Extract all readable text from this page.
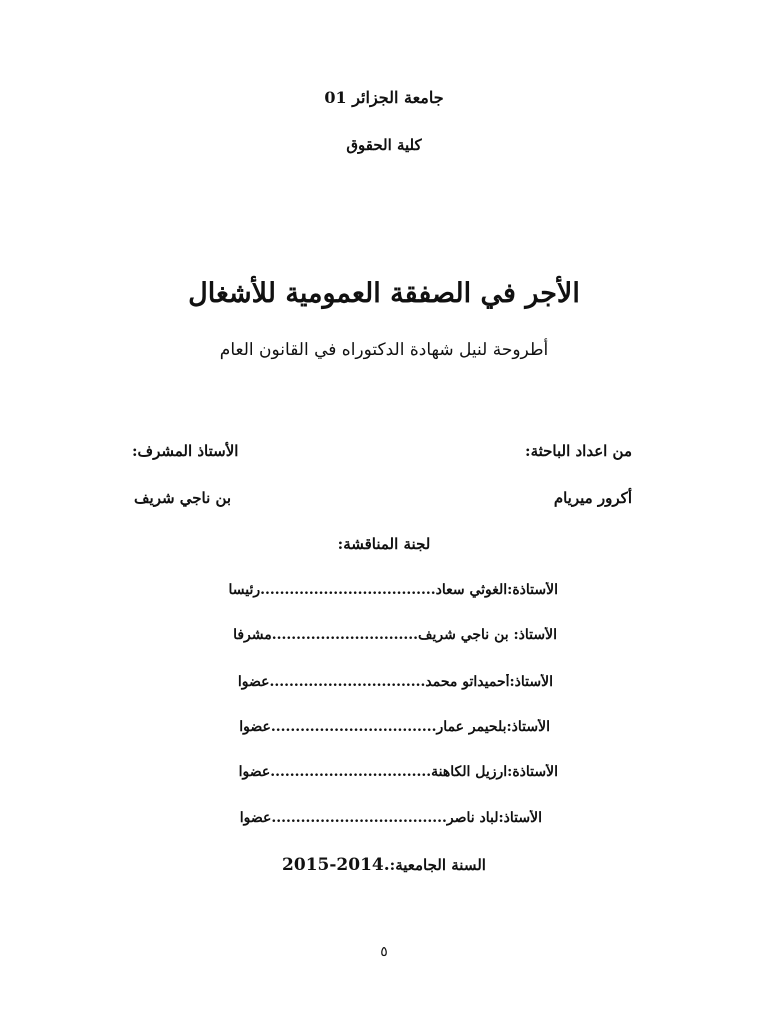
جامعة الجزائر 01
كلية الحقوق
الأجر في الصفقة العمومية للأشغال
أطروحة لنيل شهادة الدكتوراه في القانون العام
من اعداد الباحثة:
الأستاذ المشرف:
أكرور ميريام
بن ناجي شريف
لجنة المناقشة:
الأستاذة:الغوثي سعاد....................................رئيسا
الأستاذ: بن ناجي شريف..............................مشرفا
الأستاذ:أحميداتو محمد................................عضوا
الأستاذ:بلحيمر عمار..................................عضوا
الأستاذة:ارزيل الكاهنة.................................عضوا
الأستاذ:لباد ناصر....................................عضوا
السنة الجامعية:2015-2014.
٥
